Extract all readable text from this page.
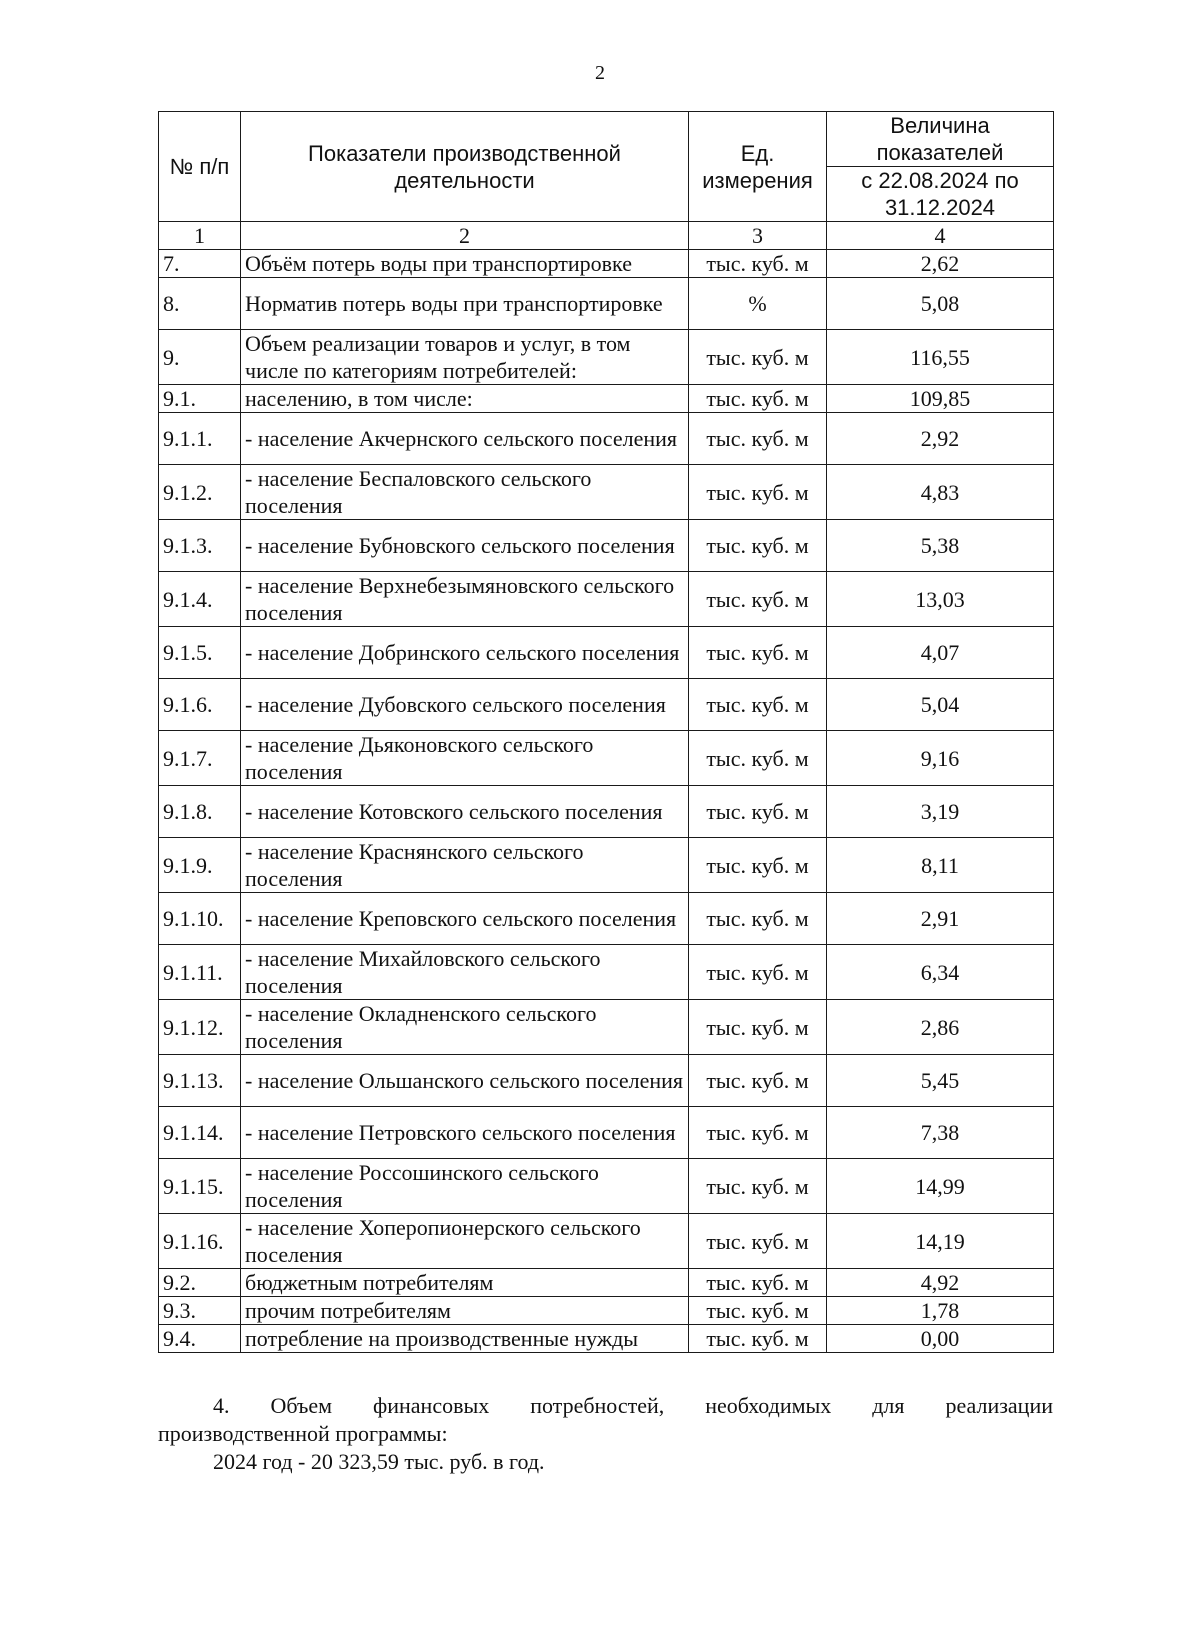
2
№ п/п	Показатели производственной деятельности	Ед. измерения	Величина показателей
			с 22.08.2024 по 31.12.2024
1	2	3	4
7.	Объём потерь воды при транспортировке	тыс. куб. м	2,62
8.	Норматив потерь воды при транспортировке	%	5,08
9.	Объем реализации товаров и услуг, в том числе по категориям потребителей:	тыс. куб. м	116,55
9.1.	населению, в том числе:	тыс. куб. м	109,85
9.1.1.	- население Акчернского сельского поселения	тыс. куб. м	2,92
9.1.2.	- население Беспаловского сельского поселения	тыс. куб. м	4,83
9.1.3.	- население Бубновского сельского поселения	тыс. куб. м	5,38
9.1.4.	- население Верхнебезымяновского сельского поселения	тыс. куб. м	13,03
9.1.5.	- население Добринского сельского поселения	тыс. куб. м	4,07
9.1.6.	- население Дубовского сельского поселения	тыс. куб. м	5,04
9.1.7.	- население Дьяконовского сельского поселения	тыс. куб. м	9,16
9.1.8.	- население Котовского сельского поселения	тыс. куб. м	3,19
9.1.9.	- население Краснянского сельского поселения	тыс. куб. м	8,11
9.1.10.	- население Креповского сельского поселения	тыс. куб. м	2,91
9.1.11.	- население Михайловского сельского поселения	тыс. куб. м	6,34
9.1.12.	- население Окладненского сельского поселения	тыс. куб. м	2,86
9.1.13.	- население Ольшанского сельского поселения	тыс. куб. м	5,45
9.1.14.	- население Петровского сельского поселения	тыс. куб. м	7,38
9.1.15.	- население Россошинского сельского поселения	тыс. куб. м	14,99
9.1.16.	- население Хоперопионерского сельского поселения	тыс. куб. м	14,19
9.2.	бюджетным потребителям	тыс. куб. м	4,92
9.3.	прочим потребителям	тыс. куб. м	1,78
9.4.	потребление на производственные нужды	тыс. куб. м	0,00
4. Объем финансовых потребностей, необходимых для реализации
производственной программы:
2024 год - 20 323,59 тыс. руб. в год.
